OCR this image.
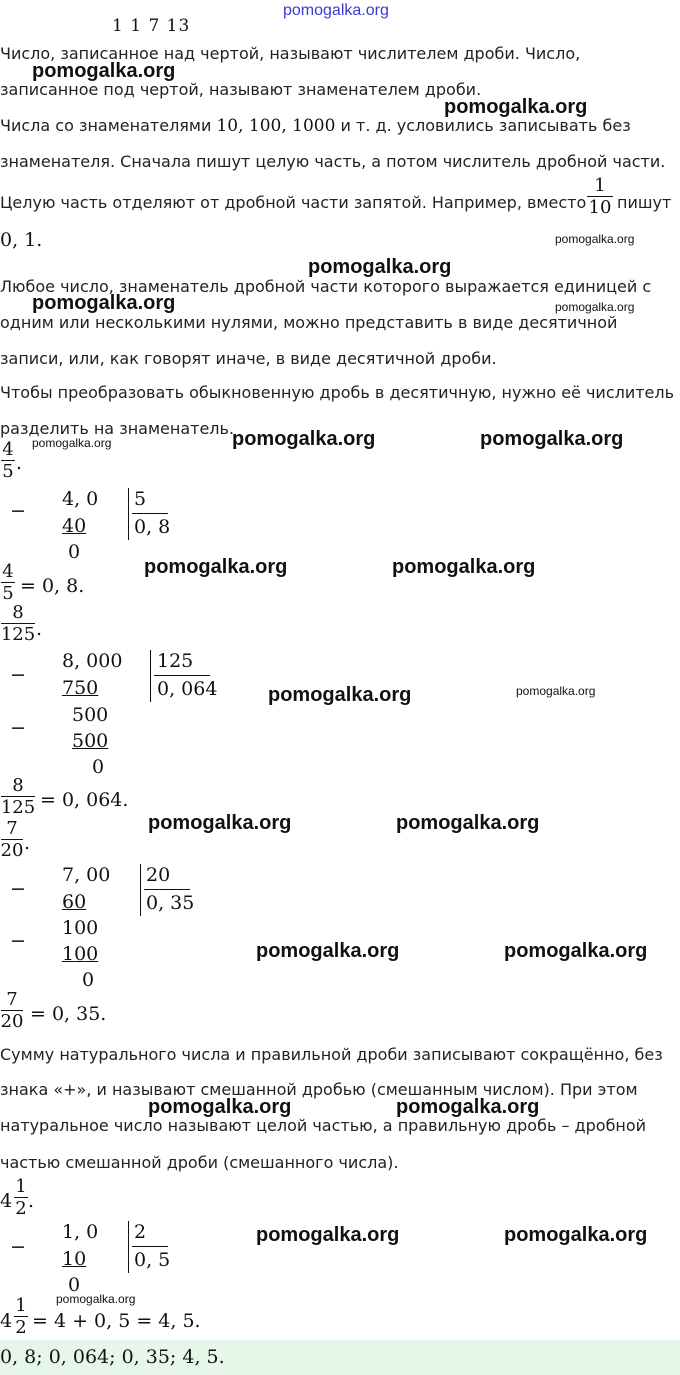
1 1 7 13
pomogalka.org
Число, записанное над чертой, называют числителем дроби. Число,
pomogalka.org
записанное под чертой, называют знаменателем дроби.
pomogalka.org
Числа со знаменателями 10, 100, 1000 и т. д. условились записывать без
знаменателя. Сначала пишут целую часть, а потом числитель дробной части.
Целую часть отделяют от дробной части запятой. Например, вместо
1
10 пишут
0, 1.	pomogalka.org
pomogalka.org
Любое число, знаменатель дробной части которого выражается единицей с
pomogalka.org	pomogalka.org
одним или несколькими нулями, можно представить в виде десятичной
записи, или, как говорят иначе, в виде десятичной дроби.
Чтобы преобразовать обыкновенную дробь в десятичную, нужно её числитель
разделить на знаменатель.
pomogalka.org	pomogalka.org	pomogalka.org
4
5 .
−
4, 0
40
0
5
0, 8
4
5 = 0, 8.
pomogalka.org	pomogalka.org
8
125 .
−
8, 000
750
−
500
500
0
125
0, 064	pomogalka.org	pomogalka.org
8
125 = 0, 064.
pomogalka.org	pomogalka.org
7
20 .
−
7, 00
60
−
100
100
0
20
0, 35
pomogalka.org	pomogalka.org
7
20 = 0, 35.
Сумму натурального числа и правильной дроби записывают сокращённо, без
знака «+», и называют смешанной дробью (смешанным числом). При этом
pomogalka.org	pomogalka.org
натуральное число называют целой частью, а правильную дробь – дробной
частью смешанной дроби (смешанного числа).
4
1
2 .
−
1, 0
10
0
2
0, 5
pomogalka.org	pomogalka.org
pomogalka.org
4
1
2 = 4 + 0, 5 = 4, 5.
0, 8; 0, 064; 0, 35; 4, 5.
